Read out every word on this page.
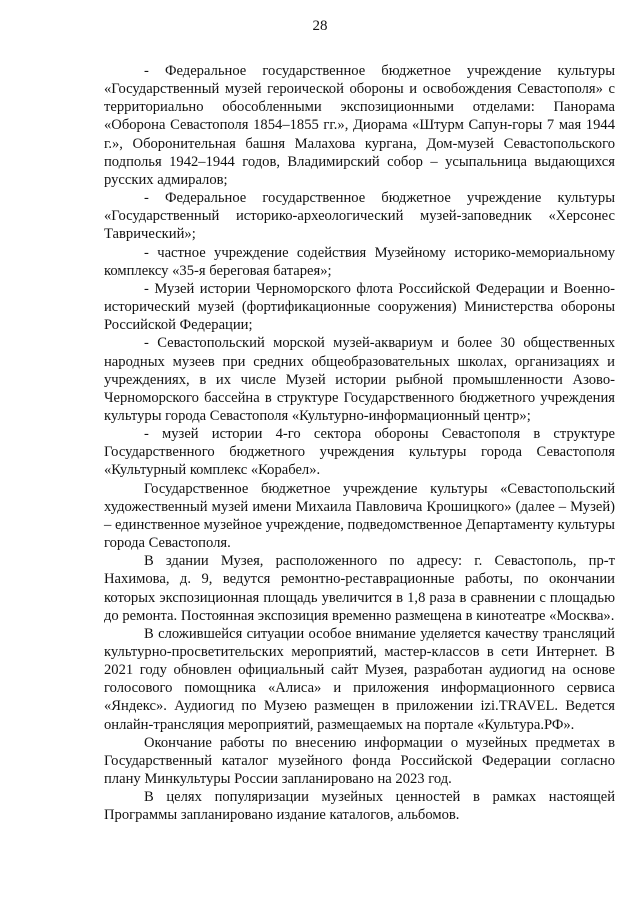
28

- Федеральное государственное бюджетное учреждение культуры «Государственный музей героической обороны и освобождения Севастополя» с территориально обособленными экспозиционными отделами: Панорама «Оборона Севастополя 1854–1855 гг.», Диорама «Штурм Сапун-горы 7 мая 1944 г.», Оборонительная башня Малахова кургана, Дом-музей Севастопольского подполья 1942–1944 годов, Владимирский собор – усыпальница выдающихся русских адмиралов;

- Федеральное государственное бюджетное учреждение культуры «Государственный историко-археологический музей-заповедник «Херсонес Таврический»;

- частное учреждение содействия Музейному историко-мемориальному комплексу «35-я береговая батарея»;

- Музей истории Черноморского флота Российской Федерации и Военно-исторический музей (фортификационные сооружения) Министерства обороны Российской Федерации;

- Севастопольский морской музей-аквариум и более 30 общественных народных музеев при средних общеобразовательных школах, организациях и учреждениях, в их числе Музей истории рыбной промышленности Азово-Черноморского бассейна в структуре Государственного бюджетного учреждения культуры города Севастополя «Культурно-информационный центр»;

- музей истории 4-го сектора обороны Севастополя в структуре Государственного бюджетного учреждения культуры города Севастополя «Культурный комплекс «Корабел».

Государственное бюджетное учреждение культуры «Севастопольский художественный музей имени Михаила Павловича Крошицкого» (далее – Музей) – единственное музейное учреждение, подведомственное Департаменту культуры города Севастополя.

В здании Музея, расположенного по адресу: г. Севастополь, пр-т Нахимова, д. 9, ведутся ремонтно-реставрационные работы, по окончании которых экспозиционная площадь увеличится в 1,8 раза в сравнении с площадью до ремонта. Постоянная экспозиция временно размещена в кинотеатре «Москва».

В сложившейся ситуации особое внимание уделяется качеству трансляций культурно-просветительских мероприятий, мастер-классов в сети Интернет. В 2021 году обновлен официальный сайт Музея, разработан аудиогид на основе голосового помощника «Алиса» и приложения информационного сервиса «Яндекс». Аудиогид по Музею размещен в приложении izi.TRAVEL. Ведется онлайн-трансляция мероприятий, размещаемых на портале «Культура.РФ».

Окончание работы по внесению информации о музейных предметах в Государственный каталог музейного фонда Российской Федерации согласно плану Минкультуры России запланировано на 2023 год.

В целях популяризации музейных ценностей в рамках настоящей Программы запланировано издание каталогов, альбомов.
